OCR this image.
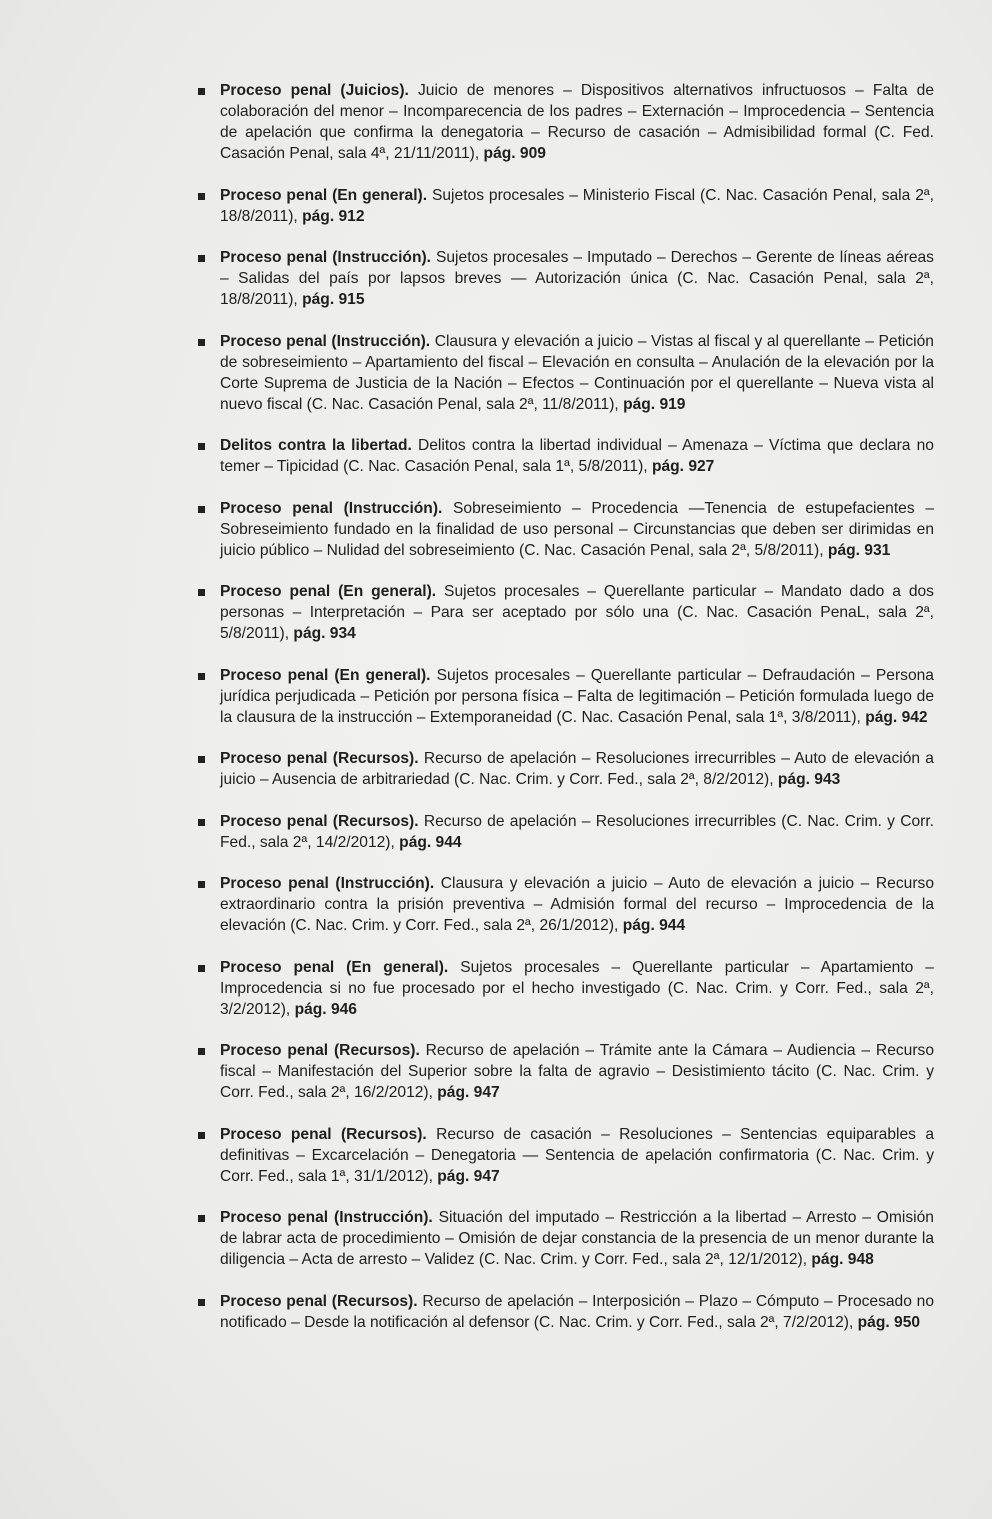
Proceso penal (Juicios). Juicio de menores – Dispositivos alternativos infructuosos – Falta de colaboración del menor – Incomparecencia de los padres – Externación – Improcedencia – Sentencia de apelación que confirma la denegatoria – Recurso de casación – Admisibilidad formal (C. Fed. Casación Penal, sala 4ª, 21/11/2011), pág. 909
Proceso penal (En general). Sujetos procesales – Ministerio Fiscal (C. Nac. Casación Penal, sala 2ª, 18/8/2011), pág. 912
Proceso penal (Instrucción). Sujetos procesales – Imputado – Derechos – Gerente de líneas aéreas – Salidas del país por lapsos breves — Autorización única (C. Nac. Casación Penal, sala 2ª, 18/8/2011), pág. 915
Proceso penal (Instrucción). Clausura y elevación a juicio – Vistas al fiscal y al querellante – Petición de sobreseimiento – Apartamiento del fiscal – Elevación en consulta – Anulación de la elevación por la Corte Suprema de Justicia de la Nación – Efectos – Continuación por el querellante – Nueva vista al nuevo fiscal (C. Nac. Casación Penal, sala 2ª, 11/8/2011), pág. 919
Delitos contra la libertad. Delitos contra la libertad individual – Amenaza – Víctima que declara no temer – Tipicidad (C. Nac. Casación Penal, sala 1ª, 5/8/2011), pág. 927
Proceso penal (Instrucción). Sobreseimiento – Procedencia —Tenencia de estupefacientes – Sobreseimiento fundado en la finalidad de uso personal – Circunstancias que deben ser dirimidas en juicio público – Nulidad del sobreseimiento (C. Nac. Casación Penal, sala 2ª, 5/8/2011), pág. 931
Proceso penal (En general). Sujetos procesales – Querellante particular – Mandato dado a dos personas – Interpretación – Para ser aceptado por sólo una (C. Nac. Casación PenaL, sala 2ª, 5/8/2011), pág. 934
Proceso penal (En general). Sujetos procesales – Querellante particular – Defraudación – Persona jurídica perjudicada – Petición por persona física – Falta de legitimación – Petición formulada luego de la clausura de la instrucción – Extemporaneidad (C. Nac. Casación Penal, sala 1ª, 3/8/2011), pág. 942
Proceso penal (Recursos). Recurso de apelación – Resoluciones irrecurribles – Auto de elevación a juicio – Ausencia de arbitrariedad (C. Nac. Crim. y Corr. Fed., sala 2ª, 8/2/2012), pág. 943
Proceso penal (Recursos). Recurso de apelación – Resoluciones irrecurribles (C. Nac. Crim. y Corr. Fed., sala 2ª, 14/2/2012), pág. 944
Proceso penal (Instrucción). Clausura y elevación a juicio – Auto de elevación a juicio – Recurso extraordinario contra la prisión preventiva – Admisión formal del recurso – Improcedencia de la elevación (C. Nac. Crim. y Corr. Fed., sala 2ª, 26/1/2012), pág. 944
Proceso penal (En general). Sujetos procesales – Querellante particular – Apartamiento – Improcedencia si no fue procesado por el hecho investigado (C. Nac. Crim. y Corr. Fed., sala 2ª, 3/2/2012), pág. 946
Proceso penal (Recursos). Recurso de apelación – Trámite ante la Cámara – Audiencia – Recurso fiscal – Manifestación del Superior sobre la falta de agravio – Desistimiento tácito (C. Nac. Crim. y Corr. Fed., sala 2ª, 16/2/2012), pág. 947
Proceso penal (Recursos). Recurso de casación – Resoluciones – Sentencias equiparables a definitivas – Excarcelación – Denegatoria — Sentencia de apelación confirmatoria (C. Nac. Crim. y Corr. Fed., sala 1ª, 31/1/2012), pág. 947
Proceso penal (Instrucción). Situación del imputado – Restricción a la libertad – Arresto – Omisión de labrar acta de procedimiento – Omisión de dejar constancia de la presencia de un menor durante la diligencia – Acta de arresto – Validez (C. Nac. Crim. y Corr. Fed., sala 2ª, 12/1/2012), pág. 948
Proceso penal (Recursos). Recurso de apelación – Interposición – Plazo – Cómputo – Procesado no notificado – Desde la notificación al defensor (C. Nac. Crim. y Corr. Fed., sala 2ª, 7/2/2012), pág. 950
